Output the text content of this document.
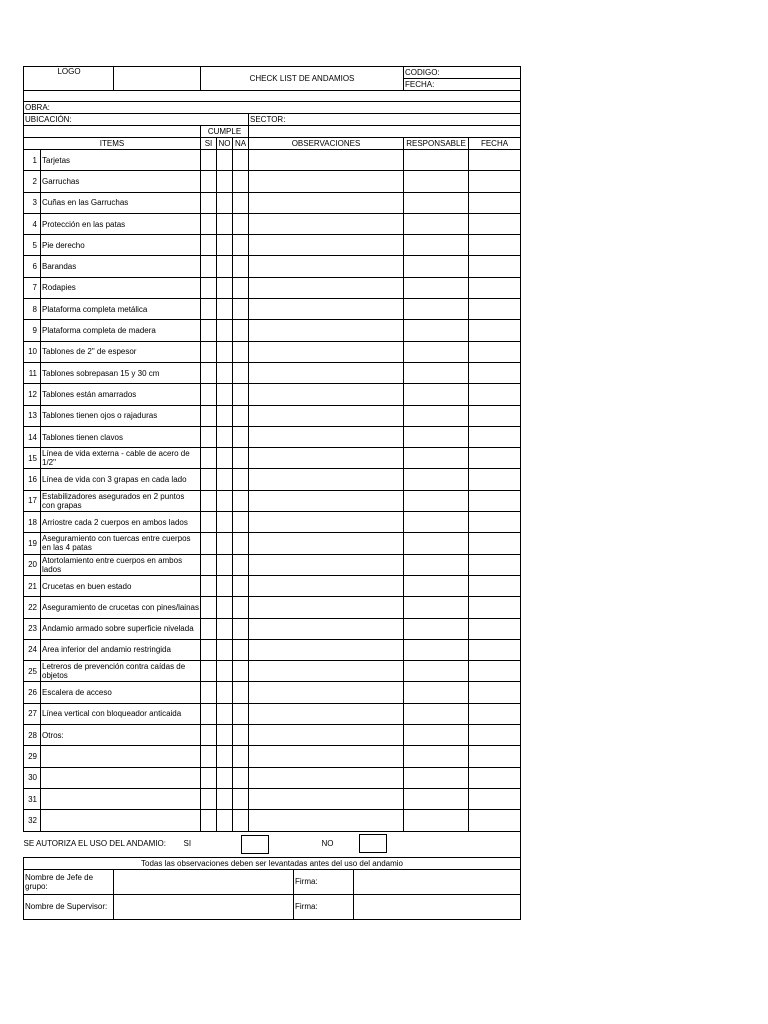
LOGO		CHECK LIST DE ANDAMIOS				CODIGO:	
						FECHA:	

OBRA:							
UBICACIÓN:					SECTOR:		
		CUMPLE					
ITEMS		SI	NO	NA	OBSERVACIONES	RESPONSABLE	FECHA
1	Tarjetas						
2	Garruchas						
3	Cuñas en las Garruchas						
4	Protección en las patas						
5	Pie derecho						
6	Barandas						
7	Rodapies						
8	Plataforma completa metálica						
9	Plataforma completa de madera						
10	Tablones de 2" de espesor						
11	Tablones sobrepasan 15 y 30 cm						
12	Tablones están amarrados						
13	Tablones tienen ojos o rajaduras						
14	Tablones tienen clavos						
15	Línea de vida externa - cable de acero de 1/2"						
16	Línea de vida con 3 grapas en cada lado						
17	Estabilizadores asegurados en 2 puntos con grapas						
18	Arriostre cada 2 cuerpos en ambos lados						
19	Aseguramiento con tuercas entre cuerpos en las 4 patas						
20	Atortolamiento entre cuerpos en ambos lados						
21	Crucetas en buen estado						
22	Aseguramiento de crucetas con pines/lainas						
23	Andamio armado sobre superficie nivelada						
24	Area inferior del andamio restringida						
25	Letreros de prevención contra caídas de objetos						
26	Escalera de acceso						
27	Línea vertical con bloqueador anticaida						
28	Otros:						
29							
30							
31							
32							

SE AUTORIZA EL USO DEL ANDAMIO: SI NO							

Todas las observaciones deben ser levantadas antes del uso del andamio							
Nombre de Jefe de grupo:		Firma:	
Nombre de Supervisor:		Firma:	
